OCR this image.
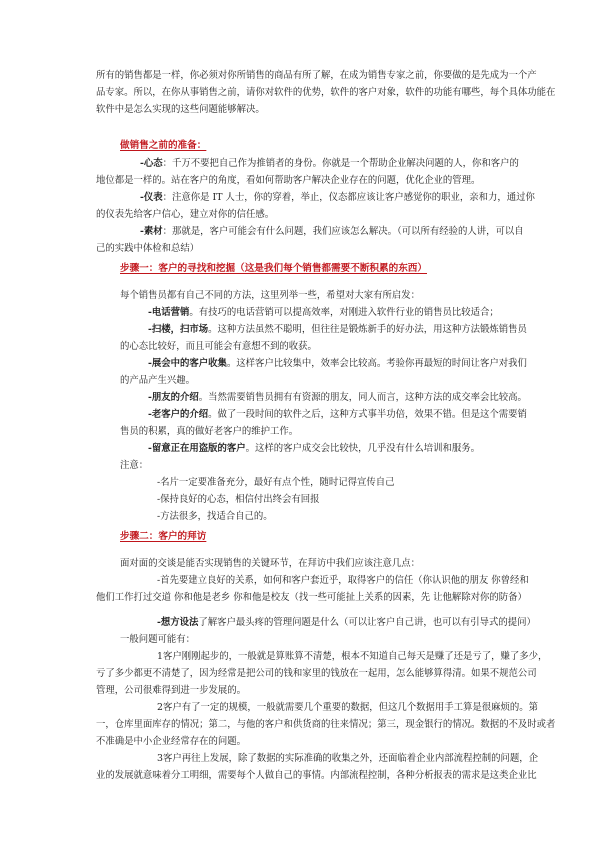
所有的销售都是一样，你必须对你所销售的商品有所了解，在成为销售专家之前，你要做的是先成为一个产
品专家。所以，在你从事销售之前，请你对软件的优势，软件的客户对象，软件的功能有哪些，每个具体功能在
软件中是怎么实现的这些问题能够解决。
做销售之前的准备：
-心态：千万不要把自己作为推销者的身份。你就是一个帮助企业解决问题的人，你和客户的
地位都是一样的。站在客户的角度，看如何帮助客户解决企业存在的问题，优化企业的管理。
-仪表：注意你是 IT 人士，你的穿着，举止，仪态都应该让客户感觉你的职业，亲和力，通过你
的仪表先给客户信心，建立对你的信任感。
-素材：那就是，客户可能会有什么问题，我们应该怎么解决。（可以所有经验的人讲，可以自
己的实践中体检和总结）
步骤一：客户的寻找和挖掘（这是我们每个销售都需要不断积累的东西）
每个销售员都有自己不同的方法，这里列举一些，希望对大家有所启发：
-电话营销。有技巧的电话营销可以提高效率，对刚进入软件行业的销售员比较适合；
-扫楼，扫市场。这种方法虽然不聪明，但往往是锻炼新手的好办法，用这种方法锻炼销售员
的心态比较好，而且可能会有意想不到的收获。
-展会中的客户收集。这样客户比较集中，效率会比较高。考验你再最短的时间让客户对我们
的产品产生兴趣。
-朋友的介绍。当然需要销售员拥有有资源的朋友，同人而言，这种方法的成交率会比较高。
-老客户的介绍。做了一段时间的软件之后，这种方式事半功倍，效果不错。但是这个需要销
售员的积累，真的做好老客户的维护工作。
-留意正在用盗版的客户。这样的客户成交会比较快，几乎没有什么培训和服务。
注意：
-名片一定要准备充分，最好有点个性，随时记得宣传自己
-保持良好的心态，相信付出终会有回报
-方法很多，找适合自己的。
步骤二：客户的拜访
面对面的交谈是能否实现销售的关键环节，在拜访中我们应该注意几点：
-首先要建立良好的关系，如何和客户套近乎，取得客户的信任（你认识他的朋友 你曾经和
他们工作打过交道 你和他是老乡 你和他是校友（找一些可能扯上关系的因素，先 让他解除对你的防备）
-想方设法了解客户最头疼的管理问题是什么（可以让客户自己讲，也可以有引导式的提问）
一般问题可能有：
1客户刚刚起步的，一般就是算账算不清楚，根本不知道自己每天是赚了还是亏了，赚了多少，
亏了多少都更不清楚了，因为经常是把公司的钱和家里的钱放在一起用，怎么能够算得清。如果不规范公司
管理，公司很难得到进一步发展的。
2客户有了一定的规模，一般就需要几个重要的数据，但这几个数据用手工算是很麻烦的。第
一，仓库里面库存的情况；第二，与他的客户和供货商的往来情况；第三，现金银行的情况。数据的不及时或者
不准确是中小企业经常存在的问题。
3客户再往上发展，除了数据的实际准确的收集之外，还面临着企业内部流程控制的问题，企
业的发展就意味着分工明细，需要每个人做自己的事情。内部流程控制，各种分析报表的需求是这类企业比
